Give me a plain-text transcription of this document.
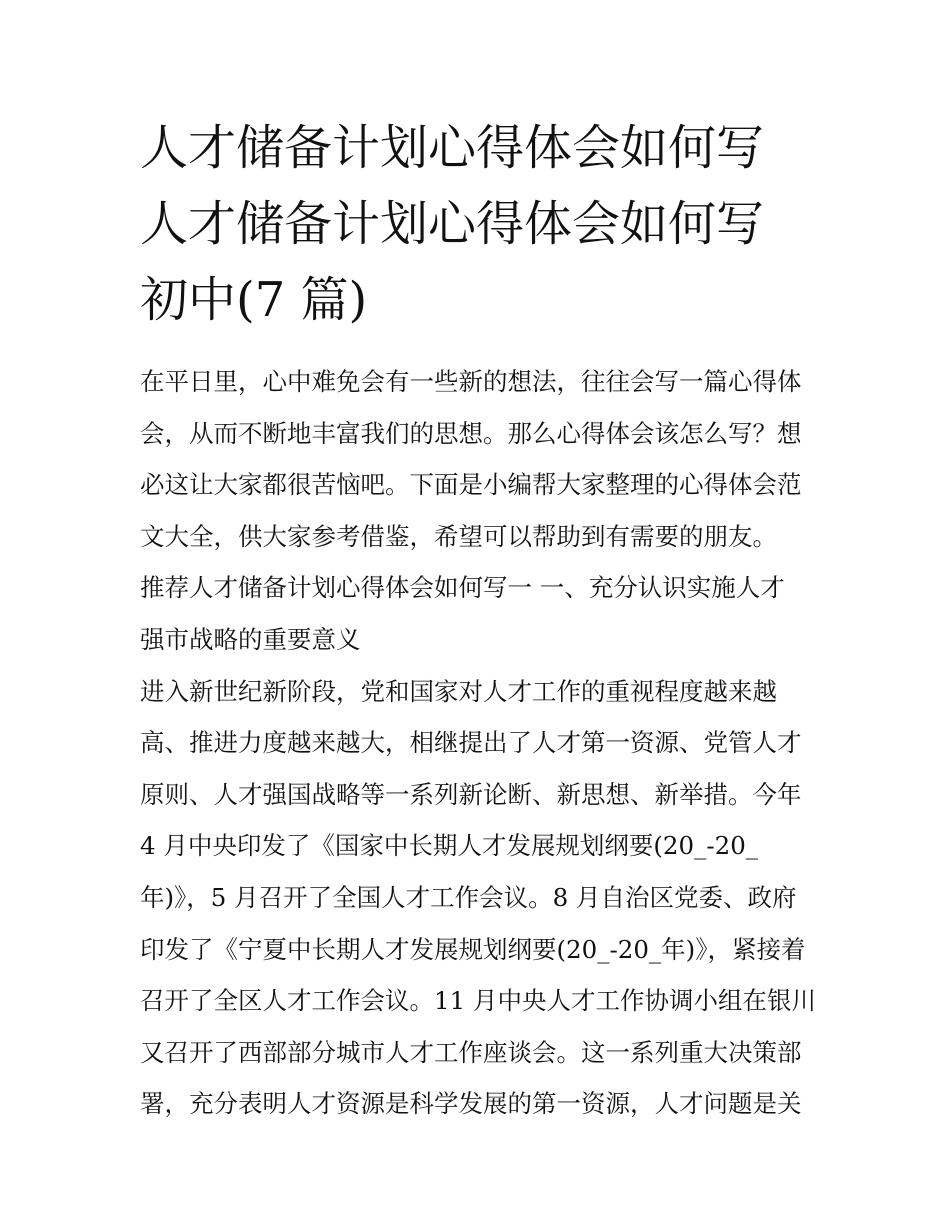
人才储备计划心得体会如何写
人才储备计划心得体会如何写
初中(7 篇)

在平日里，心中难免会有一些新的想法，往往会写一篇心得体
会，从而不断地丰富我们的思想。那么心得体会该怎么写？想
必这让大家都很苦恼吧。下面是小编帮大家整理的心得体会范
文大全，供大家参考借鉴，希望可以帮助到有需要的朋友。

推荐人才储备计划心得体会如何写一 一、充分认识实施人才
强市战略的重要意义

进入新世纪新阶段，党和国家对人才工作的重视程度越来越
高、推进力度越来越大，相继提出了人才第一资源、党管人才
原则、人才强国战略等一系列新论断、新思想、新举措。今年
4 月中央印发了《国家中长期人才发展规划纲要(20_-20_
年)》，5 月召开了全国人才工作会议。8 月自治区党委、政府
印发了《宁夏中长期人才发展规划纲要(20_-20_年)》，紧接着
召开了全区人才工作会议。11 月中央人才工作协调小组在银川
又召开了西部部分城市人才工作座谈会。这一系列重大决策部
署，充分表明人才资源是科学发展的第一资源，人才问题是关
